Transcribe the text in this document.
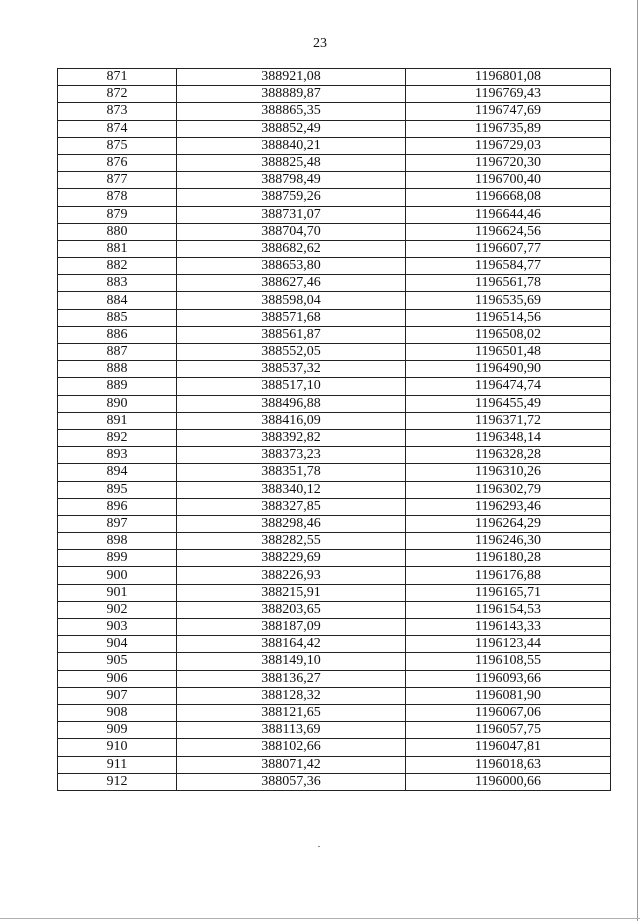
23
871	388921,08	1196801,08
872	388889,87	1196769,43
873	388865,35	1196747,69
874	388852,49	1196735,89
875	388840,21	1196729,03
876	388825,48	1196720,30
877	388798,49	1196700,40
878	388759,26	1196668,08
879	388731,07	1196644,46
880	388704,70	1196624,56
881	388682,62	1196607,77
882	388653,80	1196584,77
883	388627,46	1196561,78
884	388598,04	1196535,69
885	388571,68	1196514,56
886	388561,87	1196508,02
887	388552,05	1196501,48
888	388537,32	1196490,90
889	388517,10	1196474,74
890	388496,88	1196455,49
891	388416,09	1196371,72
892	388392,82	1196348,14
893	388373,23	1196328,28
894	388351,78	1196310,26
895	388340,12	1196302,79
896	388327,85	1196293,46
897	388298,46	1196264,29
898	388282,55	1196246,30
899	388229,69	1196180,28
900	388226,93	1196176,88
901	388215,91	1196165,71
902	388203,65	1196154,53
903	388187,09	1196143,33
904	388164,42	1196123,44
905	388149,10	1196108,55
906	388136,27	1196093,66
907	388128,32	1196081,90
908	388121,65	1196067,06
909	388113,69	1196057,75
910	388102,66	1196047,81
911	388071,42	1196018,63
912	388057,36	1196000,66
